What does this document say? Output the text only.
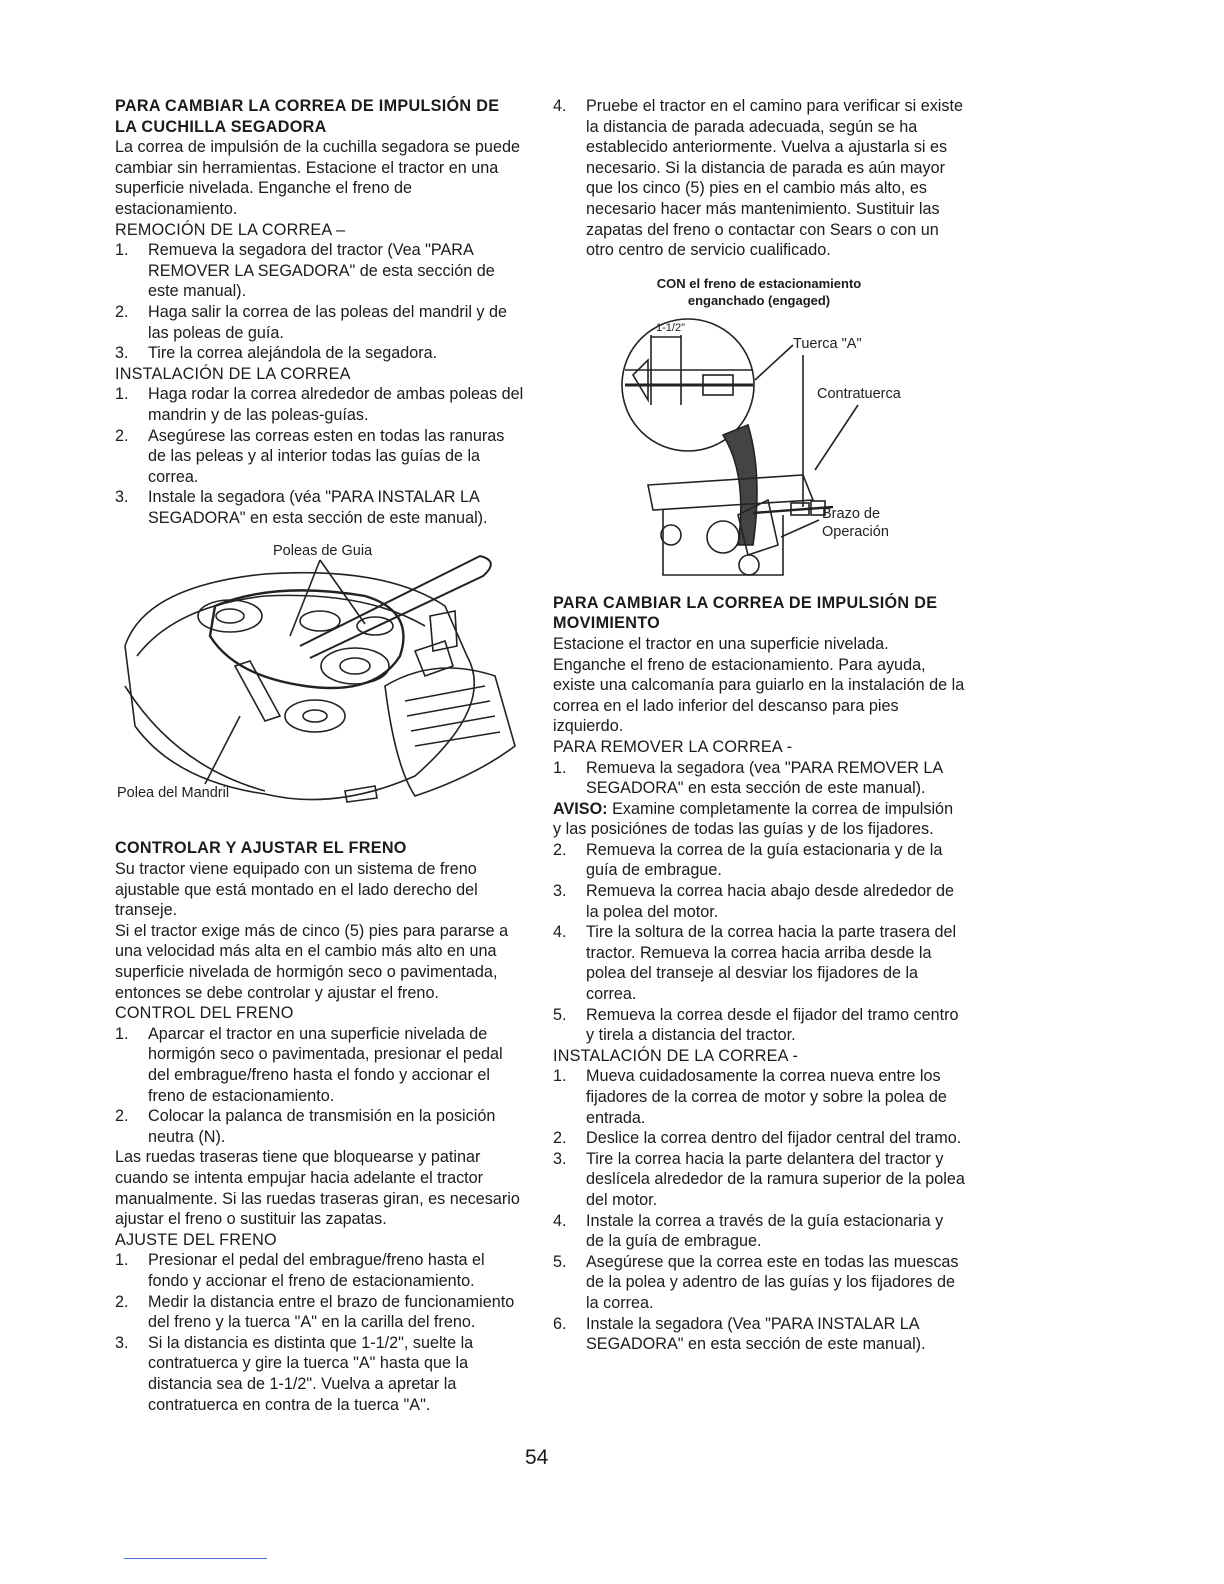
PARA CAMBIAR LA CORREA DE IMPULSIÓN DE LA CUCHILLA SEGADORA

La correa de impulsión de la cuchilla segadora se puede cambiar sin herramientas. Estacione el tractor en una superficie nivelada. Enganche el freno de estacionamiento.

REMOCIÓN DE LA CORREA –

1. Remueva la segadora del tractor (Vea "PARA REMOVER LA SEGADORA" de esta sección de este manual).

2. Haga salir la correa de las poleas del mandril y de las poleas de guía.

3. Tire la correa alejándola de la segadora.

INSTALACIÓN DE LA CORREA

1. Haga rodar la correa alrededor de ambas poleas del mandrin y de las poleas-guías.

2. Asegúrese las correas esten en todas las ranuras de las peleas y al interior todas las guías de la correa.

3. Instale la segadora (véa "PARA INSTALAR LA SEGADORA" en esta sección de este manual).

Poleas de Guia
Polea del Mandril

CONTROLAR Y AJUSTAR EL FRENO

Su tractor viene equipado con un sistema de freno ajustable que está montado en el lado derecho del transeje.

Si el tractor exige más de cinco (5) pies para pararse a una velocidad más alta en el cambio más alto en una superficie nivelada de hormigón seco o pavimentada, entonces se debe controlar y ajustar el freno.

CONTROL DEL FRENO

1. Aparcar el tractor en una superficie nivelada de hormigón seco o pavimentada, presionar el pedal del embrague/freno hasta el fondo y accionar el freno de estacionamiento.

2. Colocar la palanca de transmisión en la posición neutra (N).

Las ruedas traseras tiene que bloquearse y patinar cuando se intenta empujar hacia adelante el tractor manualmente. Si las ruedas traseras giran, es necesario ajustar el freno o sustituir las zapatas.

AJUSTE DEL FRENO

1. Presionar el pedal del embrague/freno hasta el fondo y accionar el freno de estacionamiento.

2. Medir la distancia entre el brazo de funcionamiento del freno y la tuerca "A" en la carilla del freno.

3. Si la distancia es distinta que 1-1/2", suelte la contratuerca y gire la tuerca "A" hasta que la distancia sea de 1-1/2". Vuelva a apretar la contratuerca en contra de la tuerca "A".

4. Pruebe el tractor en el camino para verificar si existe la distancia de parada adecuada, según se ha establecido anteriormente. Vuelva a ajustarla si es necesario. Si la distancia de parada es aún mayor que los cinco (5) pies en el cambio más alto, es necesario hacer más mantenimiento. Sustituir las zapatas del freno o contactar con Sears o con un otro centro de servicio cualificado.

CON el freno de estacionamiento

enganchado (engaged)

1-1/2"
Tuerca "A"
Contratuerca
Brazo de Operación

PARA CAMBIAR LA CORREA DE IMPULSIÓN DE MOVIMIENTO

Estacione el tractor en una superficie nivelada. Enganche el freno de estacionamiento. Para ayuda, existe una calcomanía para guiarlo en la instalación de la correa en el lado inferior del descanso para pies izquierdo.

PARA REMOVER LA CORREA -

1. Remueva la segadora (vea "PARA REMOVER LA SEGADORA" en esta sección de este manual).

AVISO: Examine completamente la correa de impulsión y las posiciónes de todas las guías y de los fijadores.

2. Remueva la correa de la guía estacionaria y de la guía de embrague.

3. Remueva la correa hacia abajo desde alrededor de la polea del motor.

4. Tire la soltura de la correa hacia la parte trasera del tractor. Remueva la correa hacia arriba desde la polea del transeje al desviar los fijadores de la correa.

5. Remueva la correa desde el fijador del tramo centro y tirela a distancia del tractor.

INSTALACIÓN DE LA CORREA -

1. Mueva cuidadosamente la correa nueva entre los fijadores de la correa de motor y sobre la polea de entrada.

2. Deslice la correa dentro del fijador central del tramo.

3. Tire la correa hacia la parte delantera del tractor y deslícela alrededor de la ramura superior de la polea del motor.

4. Instale la correa a través de la guía estacionaria y de la guía de embrague.

5. Asegúrese que la correa este en todas las muescas de la polea y adentro de las guías y los fijadores de la correa.

6. Instale la segadora (Vea "PARA INSTALAR LA SEGADORA" en esta sección de este manual).

54
